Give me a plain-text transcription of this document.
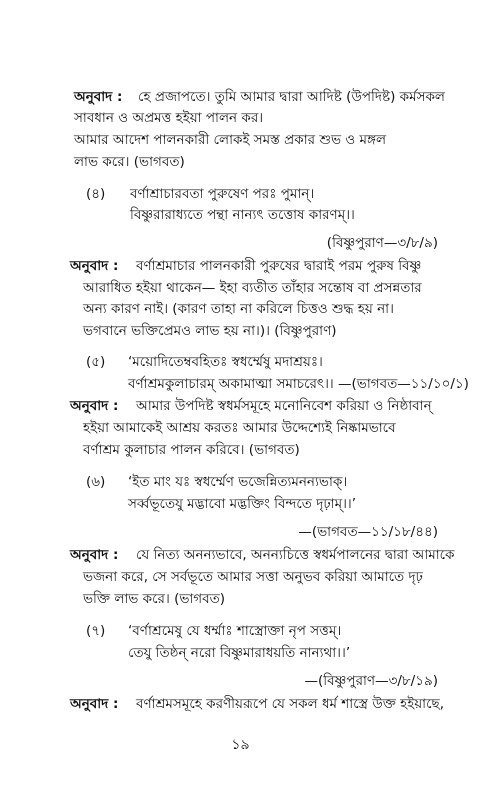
অনুবাদ : হে প্রজাপতে। তুমি আমার দ্বারা আদিষ্ট (উপদিষ্ট) কর্মসকল
সাবধান ও অপ্রমত্ত হইয়া পালন কর।
আমার আদেশ পালনকারী লোকই সমস্ত প্রকার শুভ ও মঙ্গল
লাভ করে। (ভাগবত)
(৪) বর্ণাশ্রাচারবতা পুরুষেণ পরঃ পুমান্।
বিষ্ণুরারাধ্যতে পন্থা নান্যৎ তত্তোষ কারণম্।।
(বিষ্ণুপুরাণ—৩/৮/৯)
অনুবাদ : বর্ণাশ্রমাচার পালনকারী পুরুষের দ্বারাই পরম পুরুষ বিষ্ণু
আরাধিত হইয়া থাকেন— ইহা ব্যতীত তাঁহার সন্তোষ বা প্রসন্নতার
অন্য কারণ নাই। (কারণ তাহা না করিলে চিত্তও শুদ্ধ হয় না।
ভগবানে ভক্তিপ্রেমও লাভ হয় না।)। (বিষ্ণুপুরাণ)
(৫) ‘ময়োদিতেম্ববহিতঃ স্বধর্ম্মেষু মদাশ্রয়ঃ।
বর্ণাশ্রমকুলাচারম্ অকামাত্মা সমাচরেৎ।। —(ভাগবত—১১/১০/১)
অনুবাদ : আমার উপদিষ্ট স্বধর্মসমূহে মনোনিবেশ করিয়া ও নিষ্ঠাবান্
হইয়া আমাকেই আশ্রয় করতঃ আমার উদ্দেশ্যেই নিষ্কামভাবে
বর্ণাশ্রম কুলাচার পালন করিবে। (ভাগবত)
(৬) ‘ইত মাং যঃ স্বধর্ম্মেণ ভজেন্নিত্যমনন্যভাক্।
সর্ব্বভূতেযু মদ্ভাবো মদ্ভক্তিং বিন্দতে দৃঢ়াম্।।’
—(ভাগবত—১১/১৮/৪৪)
অনুবাদ : যে নিত্য অনন্যভাবে, অনন্যচিত্তে স্বধর্মপালনের দ্বারা আমাকে
ভজনা করে, সে সর্বভূতে আমার সত্তা অনুভব করিয়া আমাতে দৃঢ়
ভক্তি লাভ করে। (ভাগবত)
(৭) ‘বর্ণাশ্রমেষু যে ধর্ম্মাঃ শাস্ত্রোক্তা নৃপ সত্তম্।
তেযু তিষ্ঠন্ নরো বিষ্ণুমারাধয়তি নান্যথা।।’
—(বিষ্ণুপুরাণ—৩/৮/১৯)
অনুবাদ : বর্ণাশ্রমসমূহে করণীয়রূপে যে সকল ধর্ম শাস্ত্রে উক্ত হইয়াছে,
১৯
